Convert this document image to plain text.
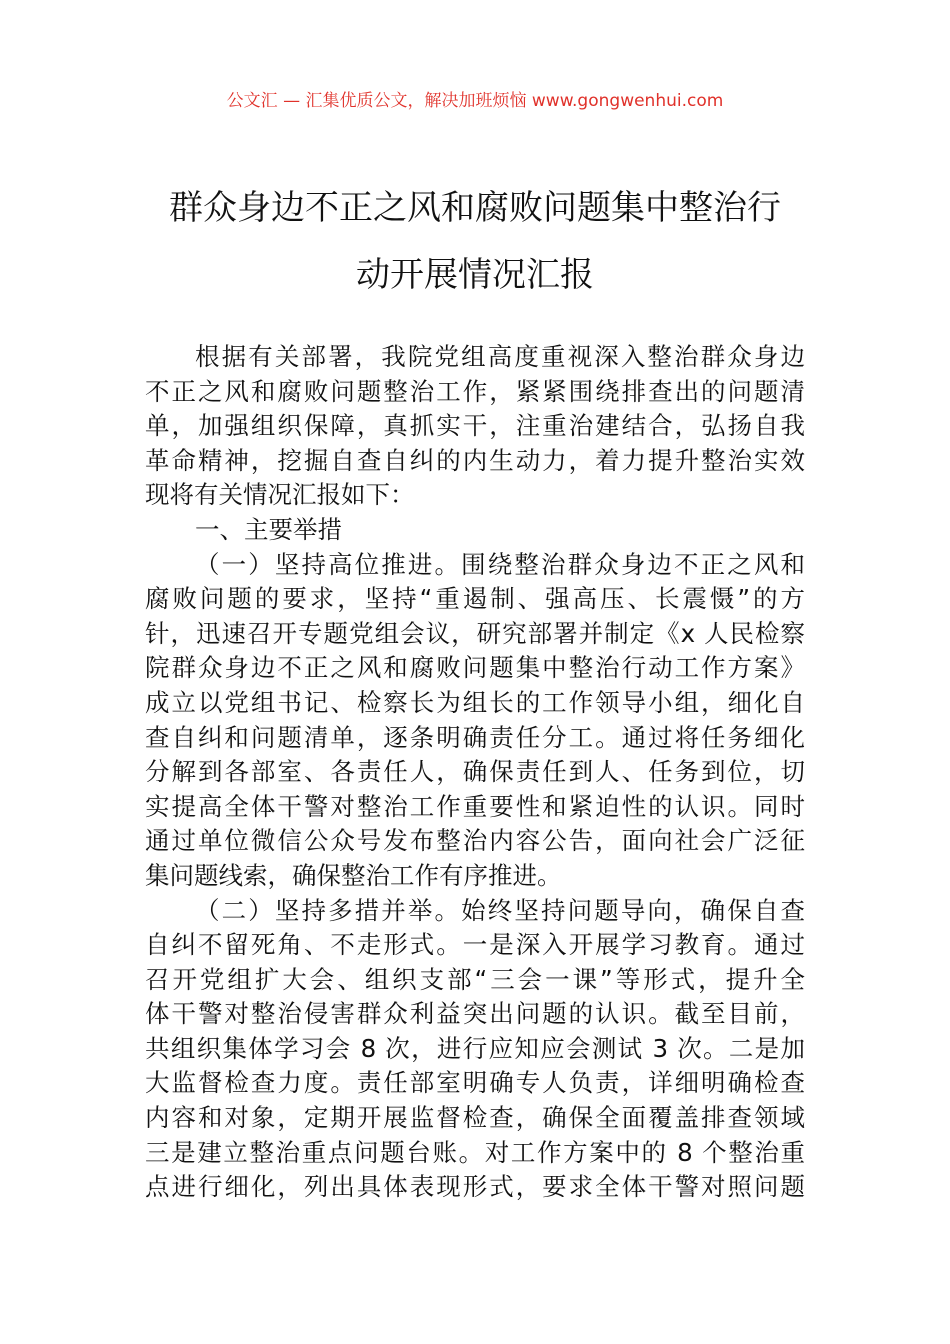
公文汇 — 汇集优质公文，解决加班烦恼 www.gongwenhui.com
群众身边不正之风和腐败问题集中整治行
动开展情况汇报
根据有关部署，我院党组高度重视深入整治群众身边
不正之风和腐败问题整治工作，紧紧围绕排查出的问题清
单，加强组织保障，真抓实干，注重治建结合，弘扬自我
革命精神，挖掘自查自纠的内生动力，着力提升整治实效
现将有关情况汇报如下：
一、主要举措
（一）坚持高位推进。围绕整治群众身边不正之风和
腐败问题的要求，坚持“重遏制、强高压、长震慑”的方
针，迅速召开专题党组会议，研究部署并制定《x 人民检察
院群众身边不正之风和腐败问题集中整治行动工作方案》
成立以党组书记、检察长为组长的工作领导小组，细化自
查自纠和问题清单，逐条明确责任分工。通过将任务细化
分解到各部室、各责任人，确保责任到人、任务到位，切
实提高全体干警对整治工作重要性和紧迫性的认识。同时
通过单位微信公众号发布整治内容公告，面向社会广泛征
集问题线索，确保整治工作有序推进。
（二）坚持多措并举。始终坚持问题导向，确保自查
自纠不留死角、不走形式。一是深入开展学习教育。通过
召开党组扩大会、组织支部“三会一课”等形式，提升全
体干警对整治侵害群众利益突出问题的认识。截至目前，
共组织集体学习会 8 次，进行应知应会测试 3 次。二是加
大监督检查力度。责任部室明确专人负责，详细明确检查
内容和对象，定期开展监督检查，确保全面覆盖排查领域
三是建立整治重点问题台账。对工作方案中的 8 个整治重
点进行细化，列出具体表现形式，要求全体干警对照问题
